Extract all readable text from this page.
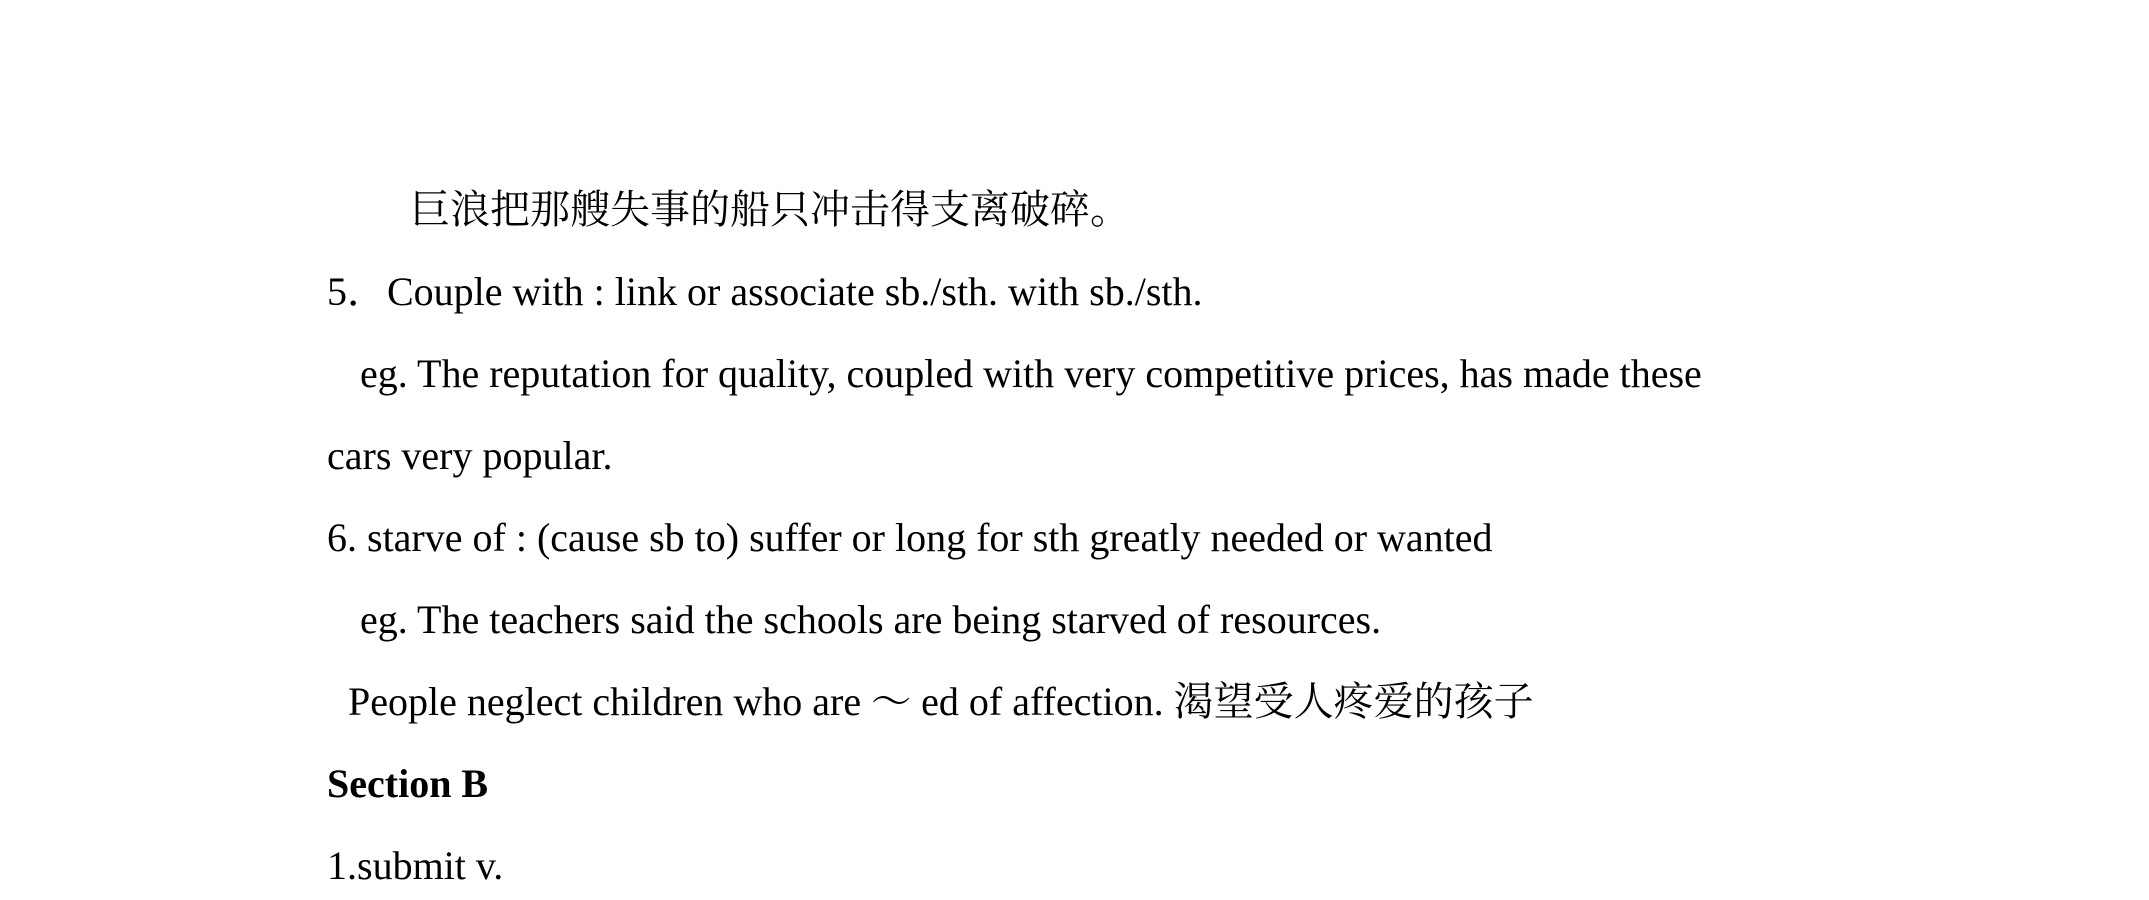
巨浪把那艘失事的船只冲击得支离破碎。
5．Couple with : link or associate sb./sth. with sb./sth.
eg. The reputation for quality, coupled with very competitive prices, has made these
cars very popular.
6. starve of : (cause sb to) suffer or long for sth greatly needed or wanted
eg. The teachers said the schools are being starved of resources.
People neglect children who are ～ ed of affection. 渴望受人疼爱的孩子
Section B
1.submit v.
